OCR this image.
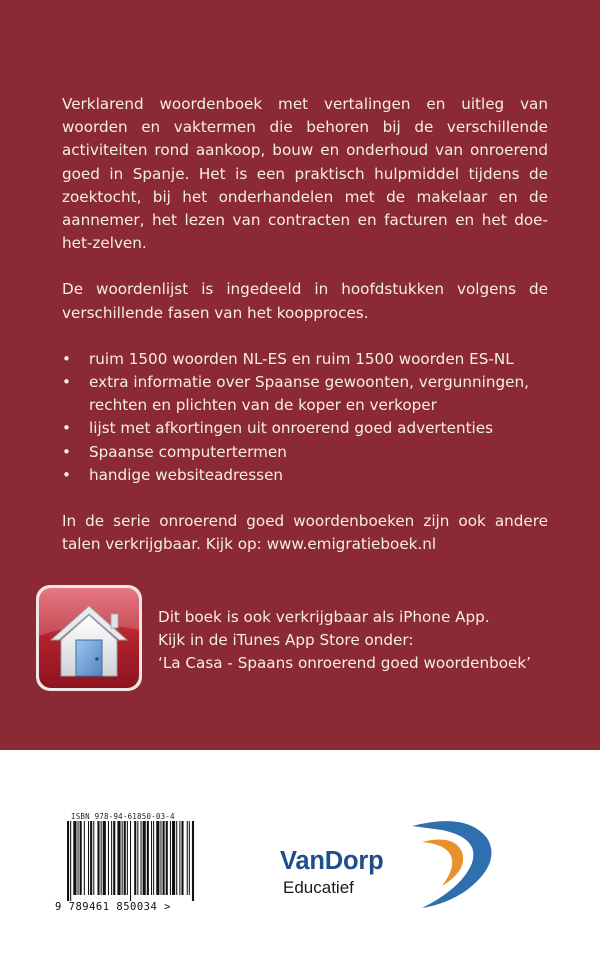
Verklarend woordenboek met vertalingen en uitleg van woorden en vaktermen die behoren bij de verschillende activiteiten rond aankoop, bouw en onderhoud van onroerend goed in Spanje. Het is een praktisch hulpmiddel tijdens de zoektocht, bij het onderhandelen met de makelaar en de aannemer, het lezen van contracten en facturen en het doe-het-zelven.

De woordenlijst is ingedeeld in hoofdstukken volgens de verschillende fasen van het koopproces.

• ruim 1500 woorden NL-ES en ruim 1500 woorden ES-NL
• extra informatie over Spaanse gewoonten, vergunningen, rechten en plichten van de koper en verkoper
• lijst met afkortingen uit onroerend goed advertenties
• Spaanse computertermen
• handige websiteadressen

In de serie onroerend goed woordenboeken zijn ook andere talen verkrijgbaar. Kijk op: www.emigratieboek.nl

Dit boek is ook verkrijgbaar als iPhone App.
Kijk in de iTunes App Store onder:
‘La Casa - Spaans onroerend goed woordenboek’
ISBN 978-94-61850-03-4
9 789461 850034 >
VanDorp
Educatief
